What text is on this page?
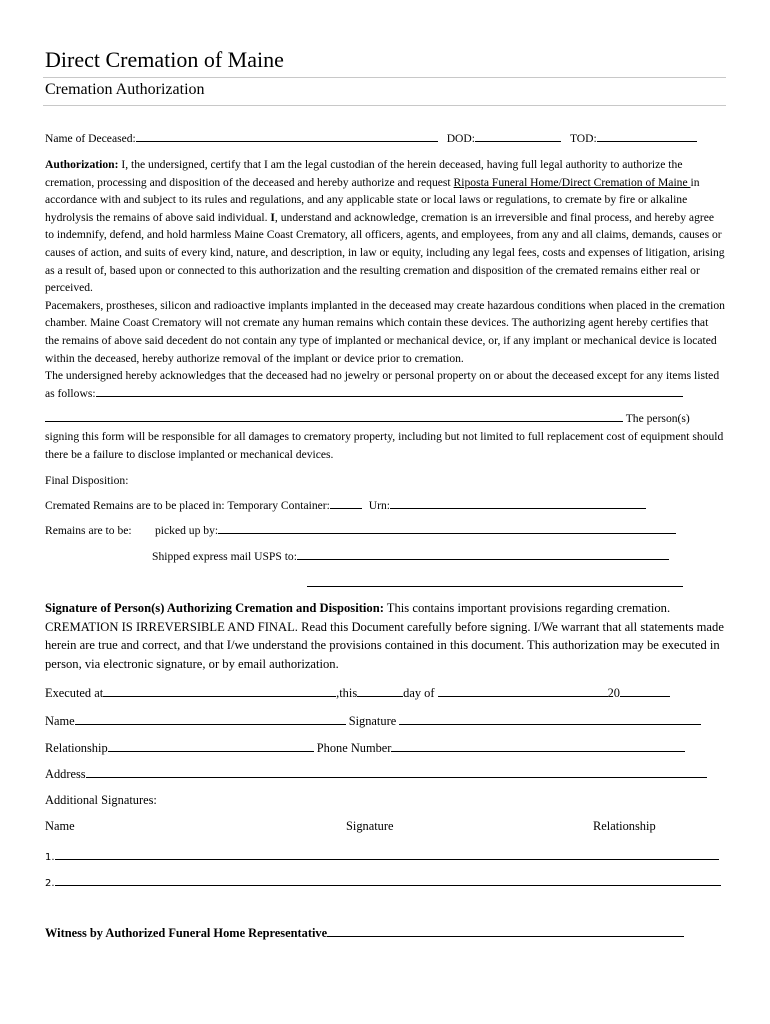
Direct Cremation of Maine
Cremation Authorization
Name of Deceased:	DOD:	TOD:
Authorization: I, the undersigned, certify that I am the legal custodian of the herein deceased, having full legal authority to authorize the cremation, processing and disposition of the deceased and hereby authorize and request Riposta Funeral Home/Direct Cremation of Maine in accordance with and subject to its rules and regulations, and any applicable state or local laws or regulations, to cremate by fire or alkaline hydrolysis the remains of above said individual. I, understand and acknowledge, cremation is an irreversible and final process, and hereby agree to indemnify, defend, and hold harmless Maine Coast Crematory, all officers, agents, and employees, from any and all claims, demands, causes or causes of action, and suits of every kind, nature, and description, in law or equity, including any legal fees, costs and expenses of litigation, arising as a result of, based upon or connected to this authorization and the resulting cremation and disposition of the cremated remains either real or perceived.
Pacemakers, prostheses, silicon and radioactive implants implanted in the deceased may create hazardous conditions when placed in the cremation chamber. Maine Coast Crematory will not cremate any human remains which contain these devices. The authorizing agent hereby certifies that the remains of above said decedent do not contain any type of implanted or mechanical device, or, if any implant or mechanical device is located within the deceased, hereby authorize removal of the implant or device prior to cremation.
The undersigned hereby acknowledges that the deceased had no jewelry or personal property on or about the deceased except for any items listed as follows:
The person(s)
signing this form will be responsible for all damages to crematory property, including but not limited to full replacement cost of equipment should there be a failure to disclose implanted or mechanical devices.
Final Disposition:
Cremated Remains are to be placed in: Temporary Container:	Urn:
Remains are to be: picked up by:
Shipped express mail USPS to:
Signature of Person(s) Authorizing Cremation and Disposition: This contains important provisions regarding cremation. CREMATION IS IRREVERSIBLE AND FINAL. Read this Document carefully before signing. I/We warrant that all statements made herein are true and correct, and that I/we understand the provisions contained in this document. This authorization may be executed in person, via electronic signature, or by email authorization.
Executed at	,this	day of	20
Name	Signature
Relationship	Phone Number
Address
Additional Signatures:
Name	Signature	Relationship
1.
2.
Witness by Authorized Funeral Home Representative
